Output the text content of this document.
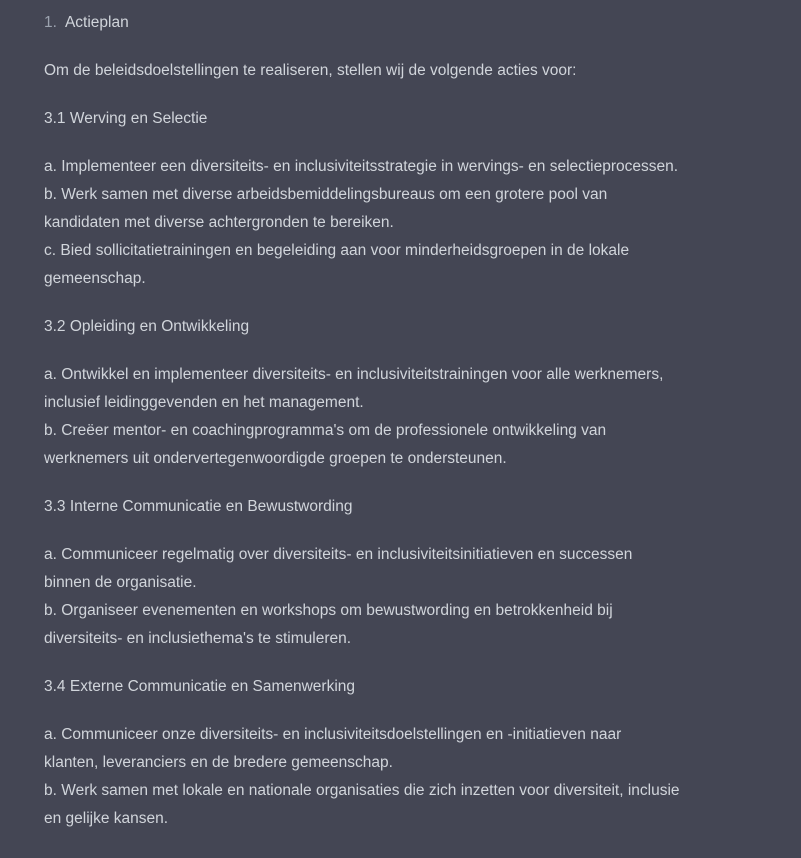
1. Actieplan

Om de beleidsdoelstellingen te realiseren, stellen wij de volgende acties voor:

3.1 Werving en Selectie

a. Implementeer een diversiteits- en inclusiviteitsstrategie in wervings- en selectieprocessen.
b. Werk samen met diverse arbeidsbemiddelingsbureaus om een grotere pool van
kandidaten met diverse achtergronden te bereiken.
c. Bied sollicitatietrainingen en begeleiding aan voor minderheidsgroepen in de lokale
gemeenschap.

3.2 Opleiding en Ontwikkeling

a. Ontwikkel en implementeer diversiteits- en inclusiviteitstrainingen voor alle werknemers,
inclusief leidinggevenden en het management.
b. Creëer mentor- en coachingprogramma's om de professionele ontwikkeling van
werknemers uit ondervertegenwoordigde groepen te ondersteunen.

3.3 Interne Communicatie en Bewustwording

a. Communiceer regelmatig over diversiteits- en inclusiviteitsinitiatieven en successen
binnen de organisatie.
b. Organiseer evenementen en workshops om bewustwording en betrokkenheid bij
diversiteits- en inclusiethema's te stimuleren.

3.4 Externe Communicatie en Samenwerking

a. Communiceer onze diversiteits- en inclusiviteitsdoelstellingen en -initiatieven naar
klanten, leveranciers en de bredere gemeenschap.
b. Werk samen met lokale en nationale organisaties die zich inzetten voor diversiteit, inclusie
en gelijke kansen.
